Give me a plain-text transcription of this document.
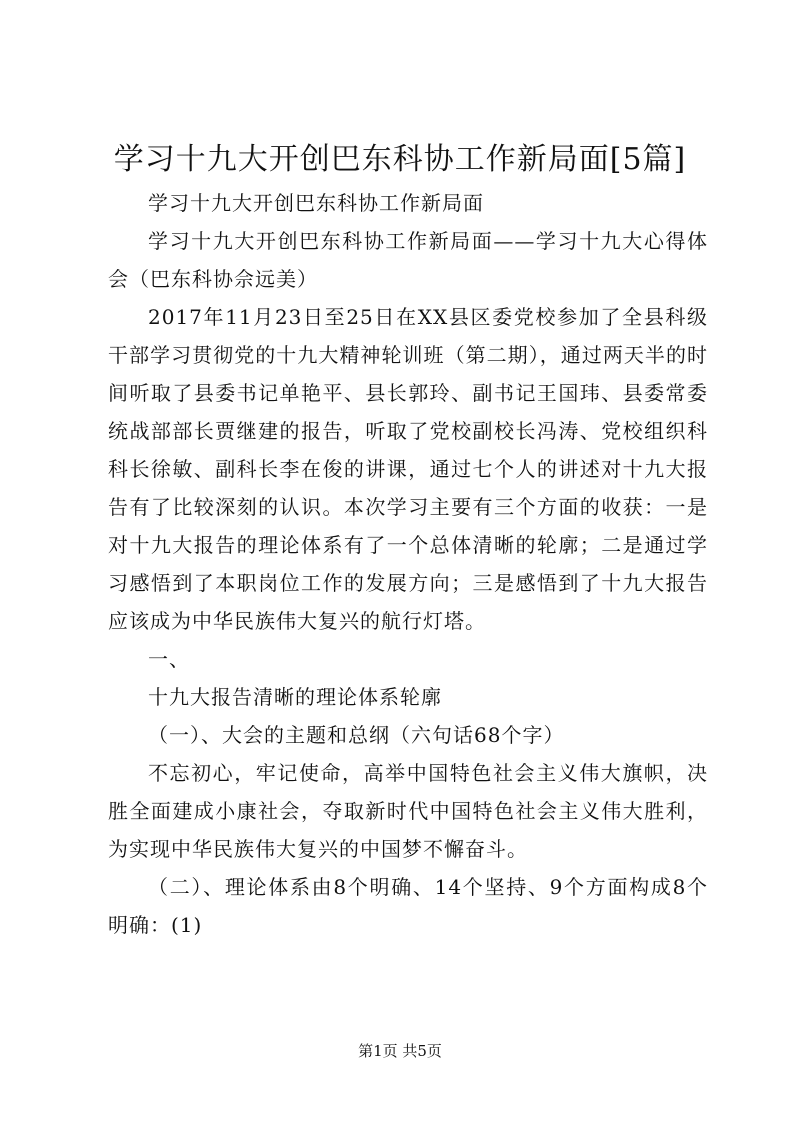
学习十九大开创巴东科协工作新局面[5篇]

学习十九大开创巴东科协工作新局面

学习十九大开创巴东科协工作新局面——学习十九大心得体会（巴东科协佘远美）

2017年11月23日至25日在XX县区委党校参加了全县科级干部学习贯彻党的十九大精神轮训班（第二期），通过两天半的时间听取了县委书记单艳平、县长郭玲、副书记王国玮、县委常委统战部部长贾继建的报告，听取了党校副校长冯涛、党校组织科科长徐敏、副科长李在俊的讲课，通过七个人的讲述对十九大报告有了比较深刻的认识。本次学习主要有三个方面的收获：一是对十九大报告的理论体系有了一个总体清晰的轮廓；二是通过学习感悟到了本职岗位工作的发展方向；三是感悟到了十九大报告应该成为中华民族伟大复兴的航行灯塔。

一、

十九大报告清晰的理论体系轮廓

（一）、大会的主题和总纲（六句话68个字）

不忘初心，牢记使命，高举中国特色社会主义伟大旗帜，决胜全面建成小康社会，夺取新时代中国特色社会主义伟大胜利，为实现中华民族伟大复兴的中国梦不懈奋斗。

（二）、理论体系由8个明确、14个坚持、9个方面构成8个明确：(1)

第1页 共5页
